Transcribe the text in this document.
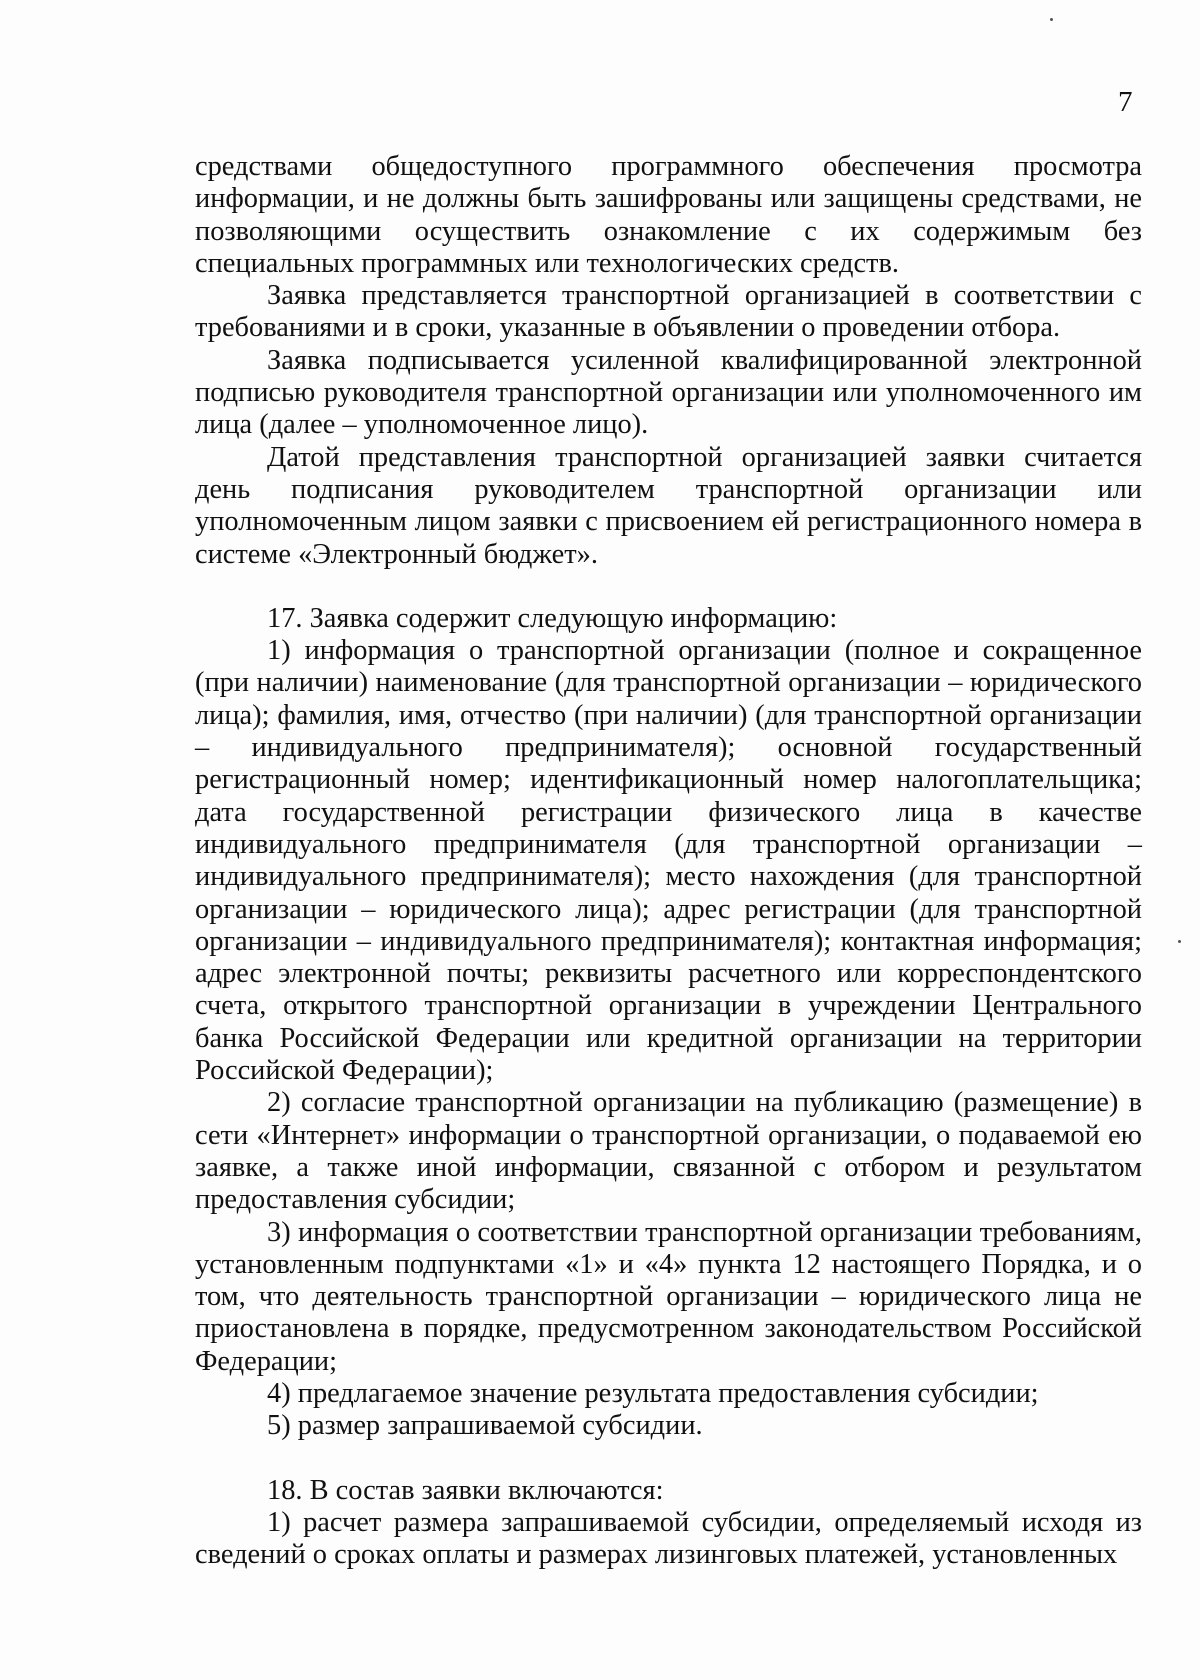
7

средствами общедоступного программного обеспечения просмотра информации, и не должны быть зашифрованы или защищены средствами, не позволяющими осуществить ознакомление с их содержимым без специальных программных или технологических средств.

Заявка представляется транспортной организацией в соответствии с требованиями и в сроки, указанные в объявлении о проведении отбора.

Заявка подписывается усиленной квалифицированной электронной подписью руководителя транспортной организации или уполномоченного им лица (далее – уполномоченное лицо).

Датой представления транспортной организацией заявки считается день подписания руководителем транспортной организации или уполномоченным лицом заявки с присвоением ей регистрационного номера в системе «Электронный бюджет».

17. Заявка содержит следующую информацию:

1) информация о транспортной организации (полное и сокращенное (при наличии) наименование (для транспортной организации – юридического лица); фамилия, имя, отчество (при наличии) (для транспортной организации – индивидуального предпринимателя); основной государственный регистрационный номер; идентификационный номер налогоплательщика; дата государственной регистрации физического лица в качестве индивидуального предпринимателя (для транспортной организации – индивидуального предпринимателя); место нахождения (для транспортной организации – юридического лица); адрес регистрации (для транспортной организации – индивидуального предпринимателя); контактная информация; адрес электронной почты; реквизиты расчетного или корреспондентского счета, открытого транспортной организации в учреждении Центрального банка Российской Федерации или кредитной организации на территории Российской Федерации);

2) согласие транспортной организации на публикацию (размещение) в сети «Интернет» информации о транспортной организации, о подаваемой ею заявке, а также иной информации, связанной с отбором и результатом предоставления субсидии;

3) информация о соответствии транспортной организации требованиям, установленным подпунктами «1» и «4» пункта 12 настоящего Порядка, и о том, что деятельность транспортной организации – юридического лица не приостановлена в порядке, предусмотренном законодательством Российской Федерации;

4) предлагаемое значение результата предоставления субсидии;

5) размер запрашиваемой субсидии.

18. В состав заявки включаются:

1) расчет размера запрашиваемой субсидии, определяемый исходя из сведений о сроках оплаты и размерах лизинговых платежей, установленных
